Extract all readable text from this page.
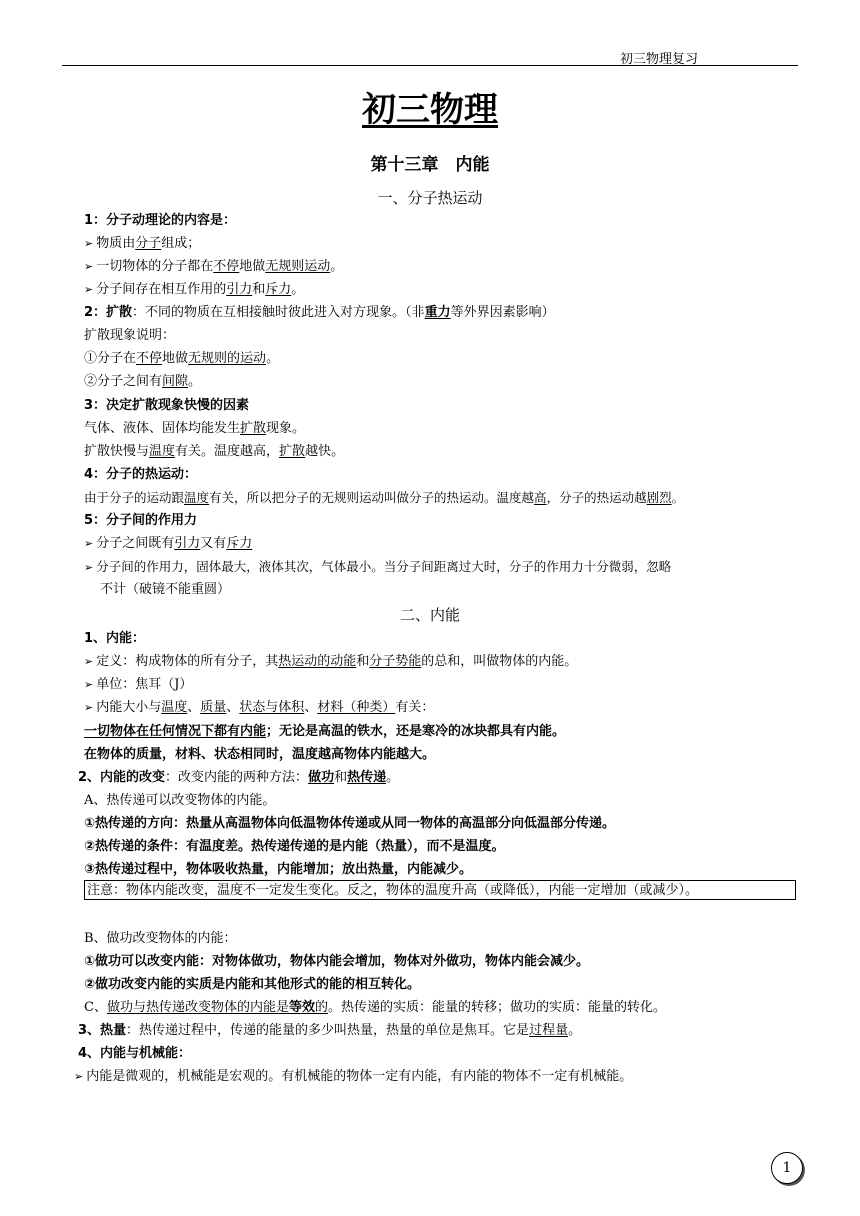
初三物理复习
初三物理
第十三章　内能
一、分子热运动
1：分子动理论的内容是：
➢ 物质由分子组成；
➢ 一切物体的分子都在不停地做无规则运动。
➢ 分子间存在相互作用的引力和斥力。
2：扩散：不同的物质在互相接触时彼此进入对方现象。（非重力等外界因素影响）
扩散现象说明：
①分子在不停地做无规则的运动。
②分子之间有间隙。
3：决定扩散现象快慢的因素
气体、液体、固体均能发生扩散现象。
扩散快慢与温度有关。温度越高，扩散越快。
4：分子的热运动：
由于分子的运动跟温度有关，所以把分子的无规则运动叫做分子的热运动。温度越高，分子的热运动越剧烈。
5：分子间的作用力
➢ 分子之间既有引力又有斥力
➢ 分子间的作用力，固体最大，液体其次，气体最小。当分子间距离过大时，分子的作用力十分微弱，忽略
不计（破镜不能重圆）
二、内能
1、内能：
➢ 定义：构成物体的所有分子，其热运动的动能和分子势能的总和，叫做物体的内能。
➢ 单位：焦耳（J）
➢ 内能大小与温度、质量、状态与体积、材料（种类）有关：
一切物体在任何情况下都有内能；无论是高温的铁水，还是寒冷的冰块都具有内能。
在物体的质量，材料、状态相同时，温度越高物体内能越大。
2、内能的改变：改变内能的两种方法：做功和热传递。
A、热传递可以改变物体的内能。
①热传递的方向：热量从高温物体向低温物体传递或从同一物体的高温部分向低温部分传递。
②热传递的条件：有温度差。热传递传递的是内能（热量），而不是温度。
③热传递过程中，物体吸收热量，内能增加；放出热量，内能减少。
注意：物体内能改变，温度不一定发生变化。反之，物体的温度升高（或降低），内能一定增加（或减少）。
B、做功改变物体的内能：
①做功可以改变内能：对物体做功，物体内能会增加，物体对外做功，物体内能会减少。
②做功改变内能的实质是内能和其他形式的能的相互转化。
C、做功与热传递改变物体的内能是等效的。热传递的实质：能量的转移；做功的实质：能量的转化。
3、热量：热传递过程中，传递的能量的多少叫热量，热量的单位是焦耳。它是过程量。
4、内能与机械能：
➢ 内能是微观的，机械能是宏观的。有机械能的物体一定有内能，有内能的物体不一定有机械能。
1
